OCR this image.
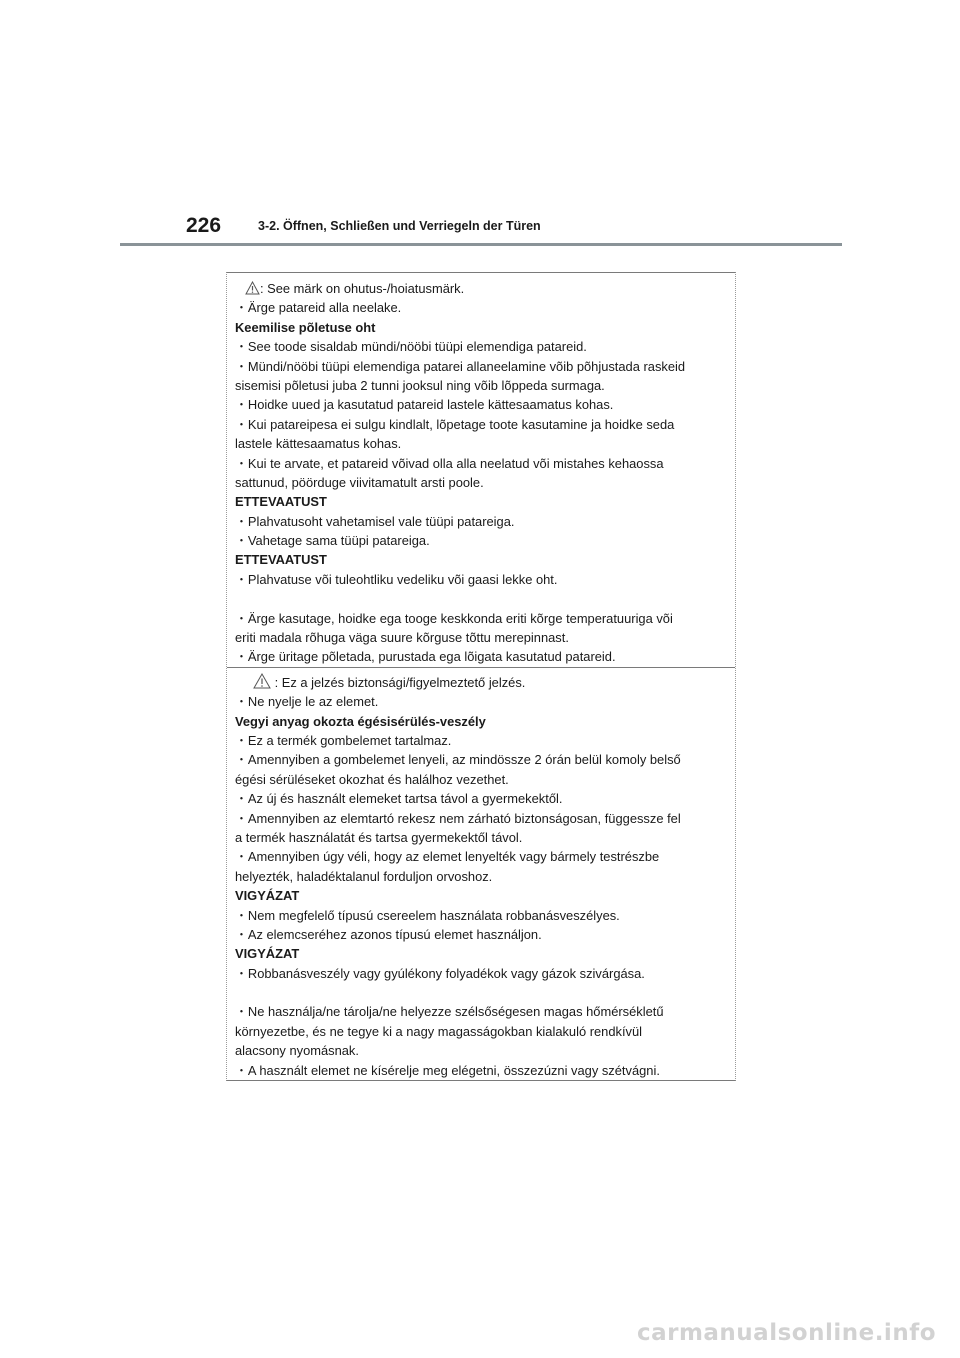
226	3-2. Öffnen, Schließen und Verriegeln der Türen
: See märk on ohutus-/hoiatusmärk.
・Ärge patareid alla neelake.
Keemilise põletuse oht
・See toode sisaldab mündi/nööbi tüüpi elemendiga patareid.
・Mündi/nööbi tüüpi elemendiga patarei allaneelamine võib põhjustada raskeid
sisemisi põletusi juba 2 tunni jooksul ning võib lõppeda surmaga.
・Hoidke uued ja kasutatud patareid lastele kättesaamatus kohas.
・Kui patareipesa ei sulgu kindlalt, lõpetage toote kasutamine ja hoidke seda
lastele kättesaamatus kohas.
・Kui te arvate, et patareid võivad olla alla neelatud või mistahes kehaossa
sattunud, pöörduge viivitamatult arsti poole.
ETTEVAATUST
・Plahvatusoht vahetamisel vale tüüpi patareiga.
・Vahetage sama tüüpi patareiga.
ETTEVAATUST
・Plahvatuse või tuleohtliku vedeliku või gaasi lekke oht.
・Ärge kasutage, hoidke ega tooge keskkonda eriti kõrge temperatuuriga või
eriti madala rõhuga väga suure kõrguse tõttu merepinnast.
・Ärge üritage põletada, purustada ega lõigata kasutatud patareid.
: Ez a jelzés biztonsági/figyelmeztető jelzés.
・Ne nyelje le az elemet.
Vegyi anyag okozta égésisérülés-veszély
・Ez a termék gombelemet tartalmaz.
・Amennyiben a gombelemet lenyeli, az mindössze 2 órán belül komoly belső
égési sérüléseket okozhat és halálhoz vezethet.
・Az új és használt elemeket tartsa távol a gyermekektől.
・Amennyiben az elemtartó rekesz nem zárható biztonságosan, függessze fel
a termék használatát és tartsa gyermekektől távol.
・Amennyiben úgy véli, hogy az elemet lenyelték vagy bármely testrészbe
helyezték, haladéktalanul forduljon orvoshoz.
VIGYÁZAT
・Nem megfelelő típusú csereelem használata robbanásveszélyes.
・Az elemcseréhez azonos típusú elemet használjon.
VIGYÁZAT
・Robbanásveszély vagy gyúlékony folyadékok vagy gázok szivárgása.
・Ne használja/ne tárolja/ne helyezze szélsőségesen magas hőmérsékletű
környezetbe, és ne tegye ki a nagy magasságokban kialakuló rendkívül
alacsony nyomásnak.
・A használt elemet ne kísérelje meg elégetni, összezúzni vagy szétvágni.
carmanualsonline.info
